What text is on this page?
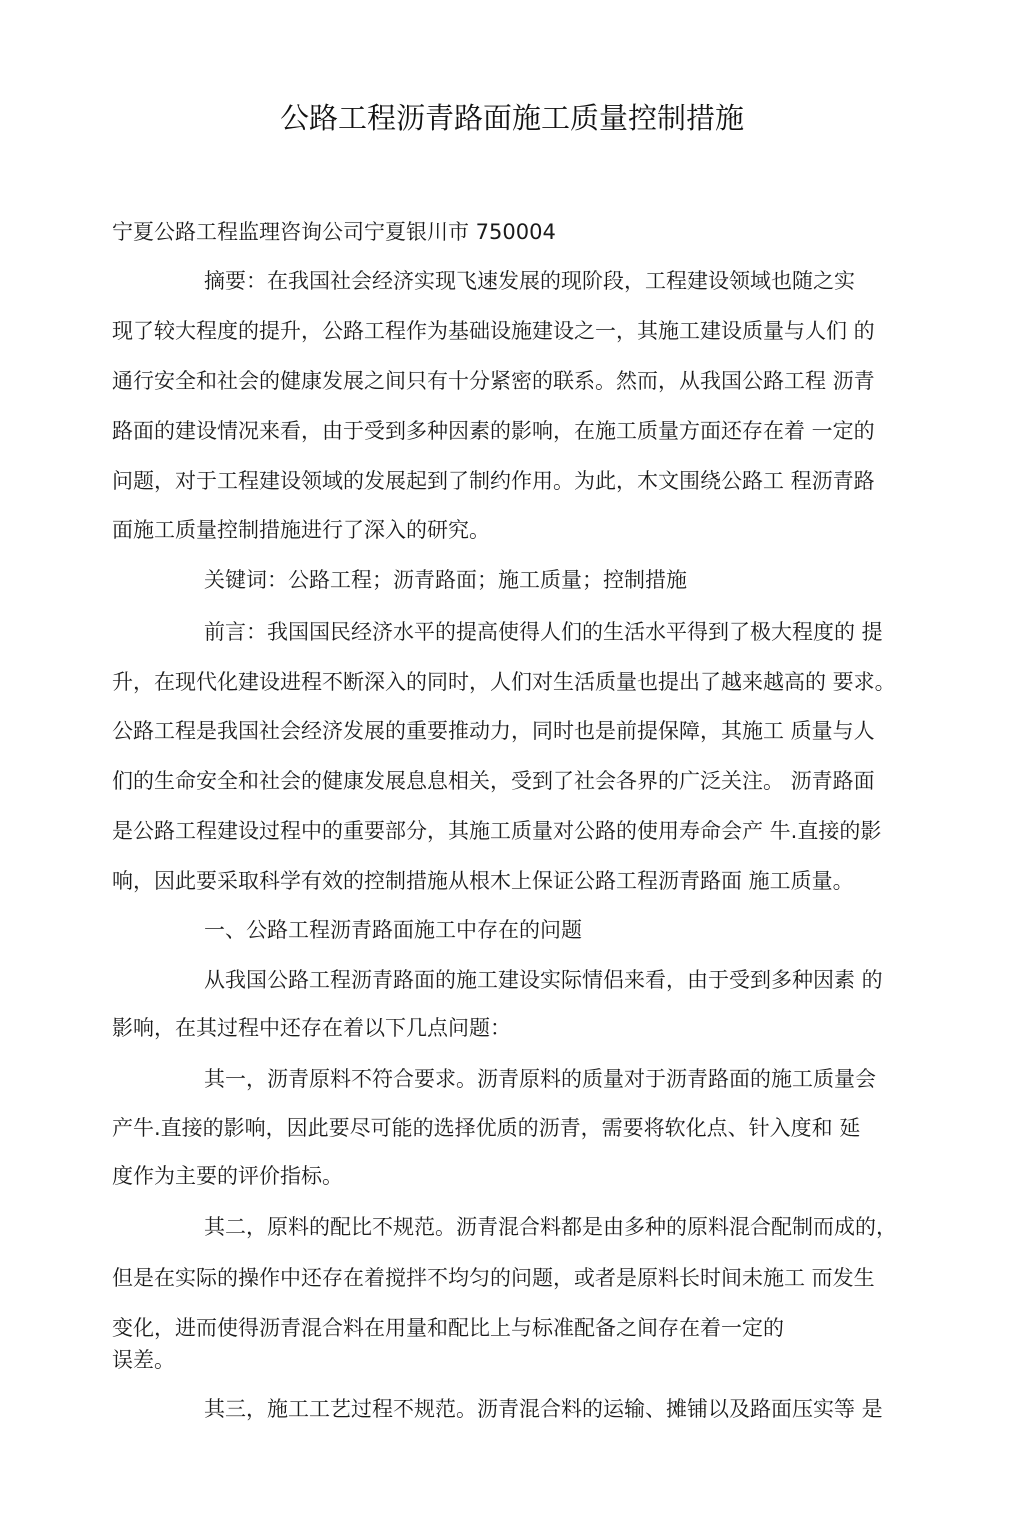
公路工程沥青路面施工质量控制措施
宁夏公路工程监理咨询公司宁夏银川市 750004
摘要：在我国社会经济实现飞速发展的现阶段，工程建设领域也随之实
现了较大程度的提升，公路工程作为基础设施建设之一，其施工建设质量与人们 的
通行安全和社会的健康发展之间只有十分紧密的联系。然而，从我国公路工程 沥青
路面的建设情况来看，由于受到多种因素的影响，在施工质量方面还存在着 一定的
问题，对于工程建设领域的发展起到了制约作用。为此，木文围绕公路工 程沥青路
面施工质量控制措施进行了深入的研究。
关键词：公路工程；沥青路面；施工质量；控制措施
前言：我国国民经济水平的提高使得人们的生活水平得到了极大程度的 提
升，在现代化建设进程不断深入的同时，人们对生活质量也提出了越来越高的 要求。
公路工程是我国社会经济发展的重要推动力，同时也是前提保障，其施工 质量与人
们的生命安全和社会的健康发展息息相关，受到了社会各界的广泛关注。 沥青路面
是公路工程建设过程中的重要部分，其施工质量对公路的使用寿命会产 牛.直接的影
响，因此要采取科学有效的控制措施从根木上保证公路工程沥青路面 施工质量。
一、公路工程沥青路面施工中存在的问题
从我国公路工程沥青路面的施工建设实际情侣来看，由于受到多种因素 的
影响，在其过程中还存在着以下几点问题：
其一，沥青原料不符合要求。沥青原料的质量对于沥青路面的施工质量会
产牛.直接的影响，因此要尽可能的选择优质的沥青，需要将软化点、针入度和 延
度作为主要的评价指标。
其二，原料的配比不规范。沥青混合料都是由多种的原料混合配制而成的，
但是在实际的操作中还存在着搅拌不均匀的问题，或者是原料长时间未施工 而发生
变化，进而使得沥青混合料在用量和配比上与标准配备之间存在着一定的
误差。
其三，施工工艺过程不规范。沥青混合料的运输、摊铺以及路面压实等 是
